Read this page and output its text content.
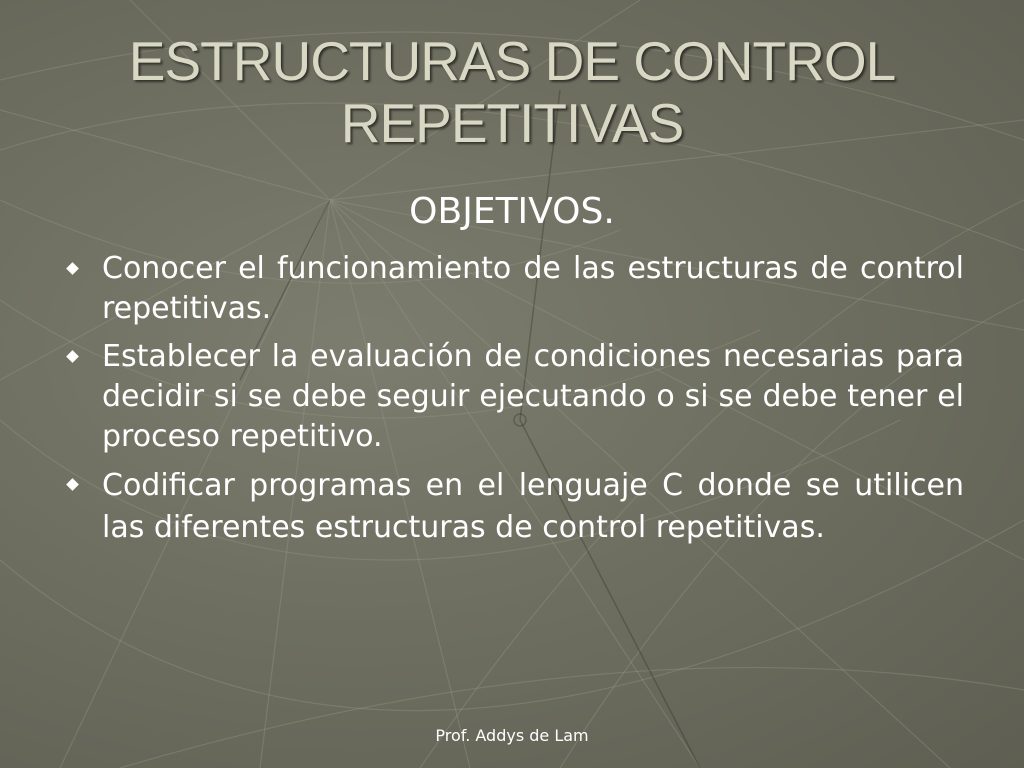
ESTRUCTURAS DE CONTROL
REPETITIVAS
OBJETIVOS.
Conocer el funcionamiento de las estructuras de control repetitivas.
Establecer la evaluación de condiciones necesarias para decidir si se debe seguir ejecutando o si se debe tener el proceso repetitivo.
Codificar programas en el lenguaje C donde se utilicen las diferentes estructuras de control repetitivas.
Prof. Addys de Lam
